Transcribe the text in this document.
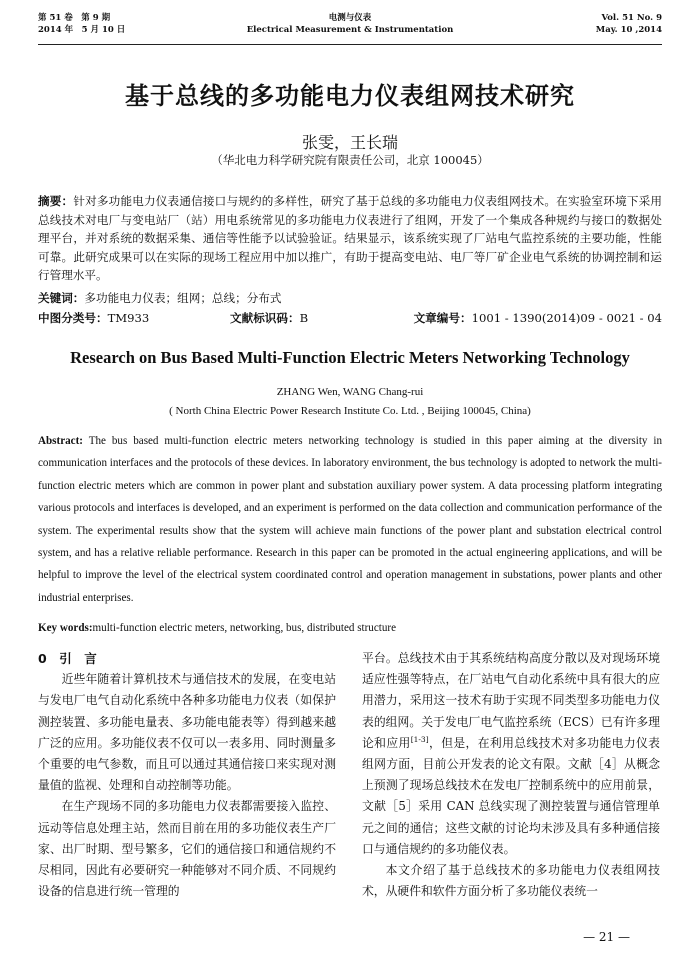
第 51 卷　第 9 期
2014 年　5 月 10 日
电测与仪表
Electrical Measurement & Instrumentation
Vol. 51 No. 9
May. 10 ,2014
基于总线的多功能电力仪表组网技术研究
张雯，王长瑞
（华北电力科学研究院有限责任公司，北京 100045）
摘要：针对多功能电力仪表通信接口与规约的多样性，研究了基于总线的多功能电力仪表组网技术。在实验室环境下采用总线技术对电厂与变电站厂（站）用电系统常见的多功能电力仪表进行了组网，开发了一个集成各种规约与接口的数据处理平台，并对系统的数据采集、通信等性能予以试验验证。结果显示，该系统实现了厂站电气监控系统的主要功能，性能可靠。此研究成果可以在实际的现场工程应用中加以推广，有助于提高变电站、电厂等厂矿企业电气系统的协调控制和运行管理水平。
关键词：多功能电力仪表；组网；总线；分布式
中图分类号：TM933	文献标识码：B	文章编号：1001 - 1390(2014)09 - 0021 - 04
Research on Bus Based Multi-Function Electric Meters Networking Technology
ZHANG Wen, WANG Chang-rui
( North China Electric Power Research Institute Co. Ltd. , Beijing 100045, China)
Abstract: The bus based multi-function electric meters networking technology is studied in this paper aiming at the diversity in communication interfaces and the protocols of these devices. In laboratory environment, the bus technology is adopted to network the multi-function electric meters which are common in power plant and substation auxiliary power system. A data processing platform integrating various protocols and interfaces is developed, and an experiment is performed on the data collection and communication performance of the system. The experimental results show that the system will achieve main functions of the power plant and substation electrical control system, and has a relative reliable performance. Research in this paper can be promoted in the actual engineering applications, and will be helpful to improve the level of the electrical system coordinated control and operation management in substations, power plants and other industrial enterprises.
Key words:multi-function electric meters, networking, bus, distributed structure
0　引　言

近些年随着计算机技术与通信技术的发展，在变电站与发电厂电气自动化系统中各种多功能电力仪表（如保护测控装置、多功能电量表、多功能电能表等）得到越来越广泛的应用。多功能仪表不仅可以一表多用、同时测量多个重要的电气参数，而且可以通过其通信接口来实现对测量值的监视、处理和自动控制等功能。

在生产现场不同的多功能电力仪表都需要接入监控、远动等信息处理主站，然而目前在用的多功能仪表生产厂家、出厂时期、型号繁多，它们的通信接口和通信规约不尽相同，因此有必要研究一种能够对不同介质、不同规约设备的信息进行统一管理的

平台。总线技术由于其系统结构高度分散以及对现场环境适应性强等特点，在厂站电气自动化系统中具有很大的应用潜力，采用这一技术有助于实现不同类型多功能电力仪表的组网。关于发电厂电气监控系统（ECS）已有许多理论和应用[1-3]，但是，在利用总线技术对多功能电力仪表组网方面，目前公开发表的论文有限。文献［4］从概念上预测了现场总线技术在发电厂控制系统中的应用前景，文献［5］采用 CAN 总线实现了测控装置与通信管理单元之间的通信；这些文献的讨论均未涉及具有多种通信接口与通信规约的多功能仪表。

本文介绍了基于总线技术的多功能电力仪表组网技术，从硬件和软件方面分析了多功能仪表统一

— 21 —
